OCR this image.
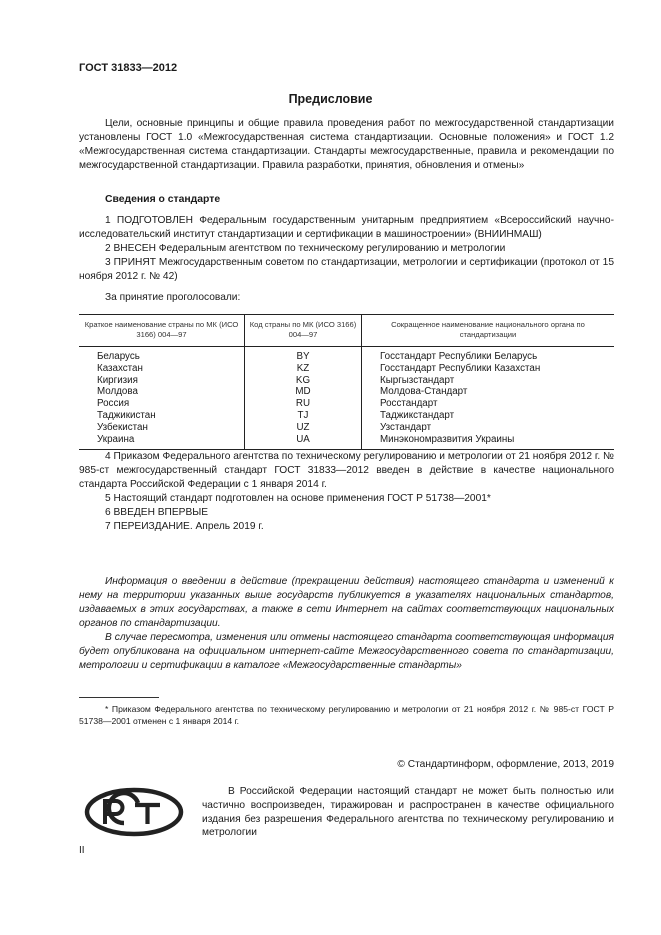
ГОСТ 31833—2012
Предисловие

Цели, основные принципы и общие правила проведения работ по межгосударственной стандартизации установлены ГОСТ 1.0 «Межгосударственная система стандартизации. Основные положения» и ГОСТ 1.2 «Межгосударственная система стандартизации. Стандарты межгосударственные, правила и рекомендации по межгосударственной стандартизации. Правила разработки, принятия, обновления и отмены»

Сведения о стандарте

1 ПОДГОТОВЛЕН Федеральным государственным унитарным предприятием «Всероссийский научно-исследовательский институт стандартизации и сертификации в машиностроении» (ВНИИНМАШ)

2 ВНЕСЕН Федеральным агентством по техническому регулированию и метрологии

3 ПРИНЯТ Межгосударственным советом по стандартизации, метрологии и сертификации (протокол от 15 ноября 2012 г. № 42)

За принятие проголосовали:
Краткое наименование страны по МК (ИСО 3166) 004—97	Код страны по МК (ИСО 3166) 004—97	Сокращенное наименование национального органа по стандартизации
Беларусь	BY	Госстандарт Республики Беларусь
Казахстан	KZ	Госстандарт Республики Казахстан
Киргизия	KG	Кыргызстандарт
Молдова	MD	Молдова-Стандарт
Россия	RU	Росстандарт
Таджикистан	TJ	Таджикстандарт
Узбекистан	UZ	Узстандарт
Украина	UA	Минэкономразвития Украины

4 Приказом Федерального агентства по техническому регулированию и метрологии от 21 ноября 2012 г. № 985-ст межгосударственный стандарт ГОСТ 31833—2012 введен в действие в качестве национального стандарта Российской Федерации с 1 января 2014 г.

5 Настоящий стандарт подготовлен на основе применения ГОСТ Р 51738—2001*

6 ВВЕДЕН ВПЕРВЫЕ

7 ПЕРЕИЗДАНИЕ. Апрель 2019 г.

Информация о введении в действие (прекращении действия) настоящего стандарта и изменений к нему на территории указанных выше государств публикуется в указателях национальных стандартов, издаваемых в этих государствах, а также в сети Интернет на сайтах соответствующих национальных органов по стандартизации.

В случае пересмотра, изменения или отмены настоящего стандарта соответствующая информация будет опубликована на официальном интернет-сайте Межгосударственного совета по стандартизации, метрологии и сертификации в каталоге «Межгосударственные стандарты»

* Приказом Федерального агентства по техническому регулированию и метрологии от 21 ноября 2012 г. № 985-ст ГОСТ Р 51738—2001 отменен с 1 января 2014 г.

© Стандартинформ, оформление, 2013, 2019

В Российской Федерации настоящий стандарт не может быть полностью или частично воспроизведен, тиражирован и распространен в качестве официального издания без разрешения Федерального агентства по техническому регулированию и метрологии

II
